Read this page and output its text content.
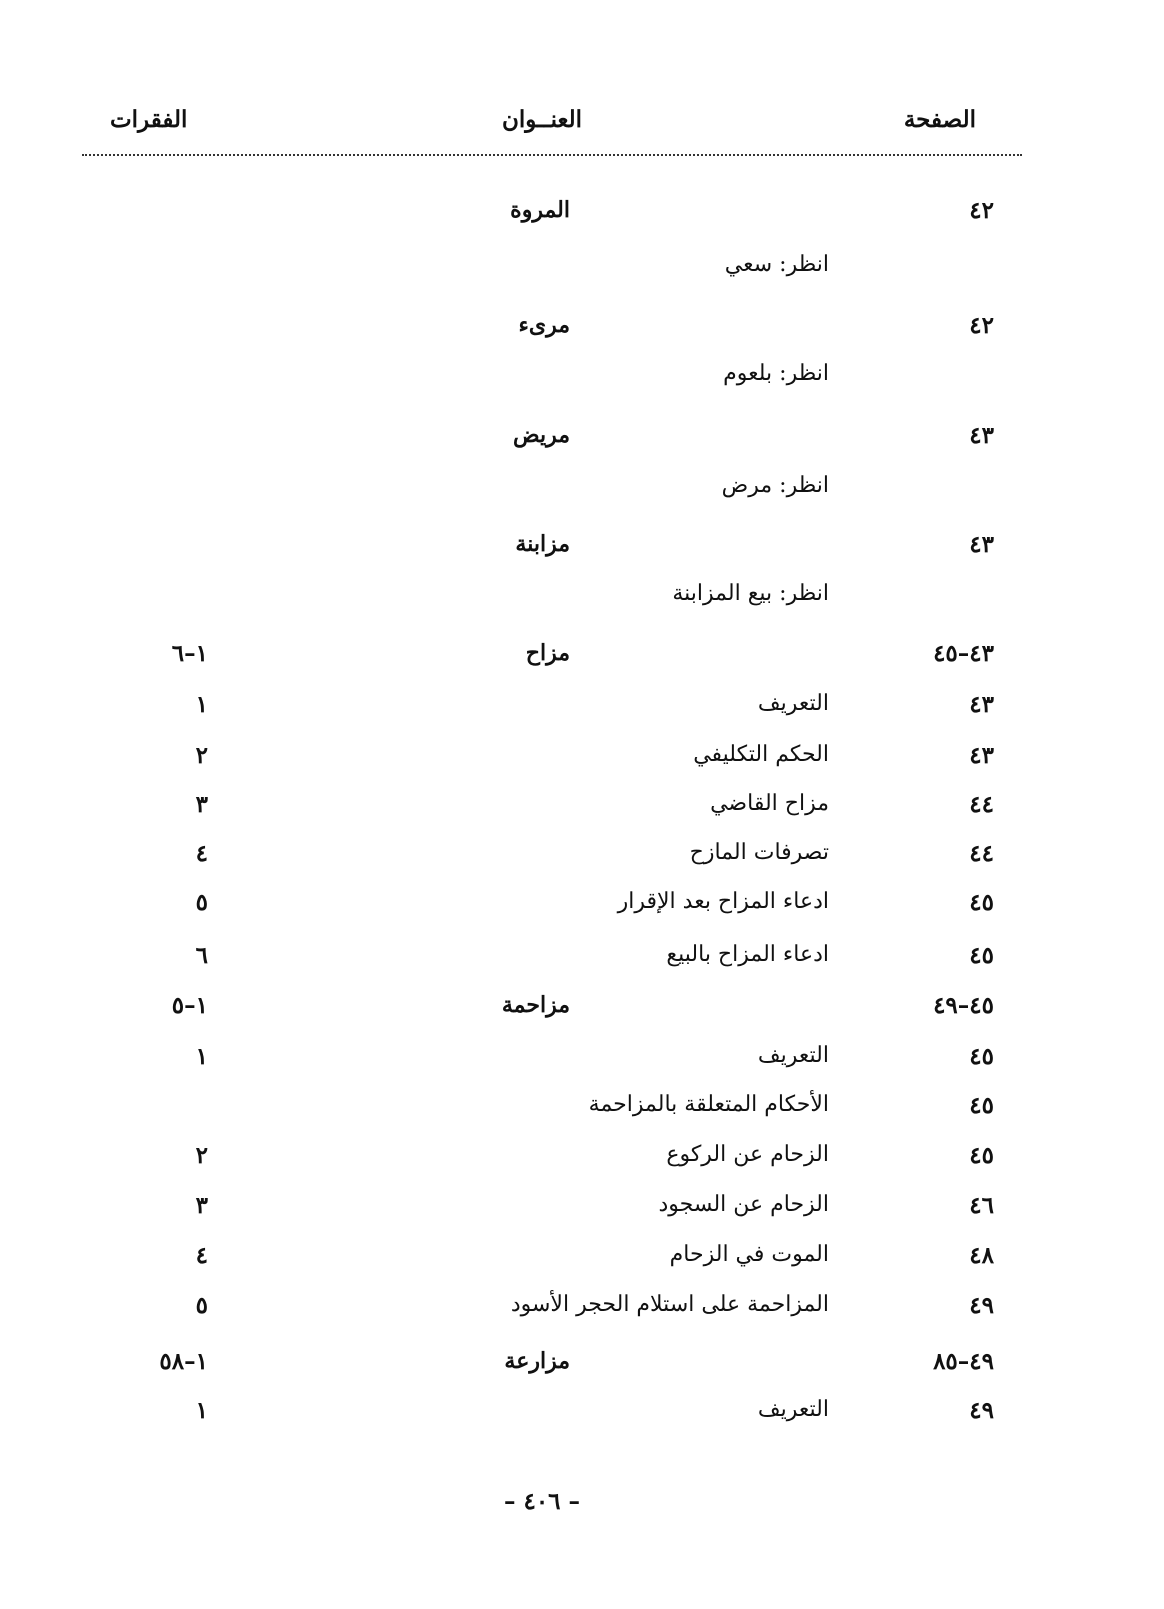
الصفحة
العنــوان
الفقرات
٤٢
المروة
انظر: سعي
٤٢
مرىء
انظر: بلعوم
٤٣
مريض
انظر: مرض
٤٣
مزابنة
انظر: بيع المزابنة
٤٣–٤٥
مزاح
١–٦
٤٣
التعريف
١
٤٣
الحكم التكليفي
٢
٤٤
مزاح القاضي
٣
٤٤
تصرفات المازح
٤
٤٥
ادعاء المزاح بعد الإقرار
٥
٤٥
ادعاء المزاح بالبيع
٦
٤٥–٤٩
مزاحمة
١–٥
٤٥
التعريف
١
٤٥
الأحكام المتعلقة بالمزاحمة
٤٥
الزحام عن الركوع
٢
٤٦
الزحام عن السجود
٣
٤٨
الموت في الزحام
٤
٤٩
المزاحمة على استلام الحجر الأسود
٥
٤٩–٨٥
مزارعة
١–٥٨
٤٩
التعريف
١
– ٤٠٦ –
